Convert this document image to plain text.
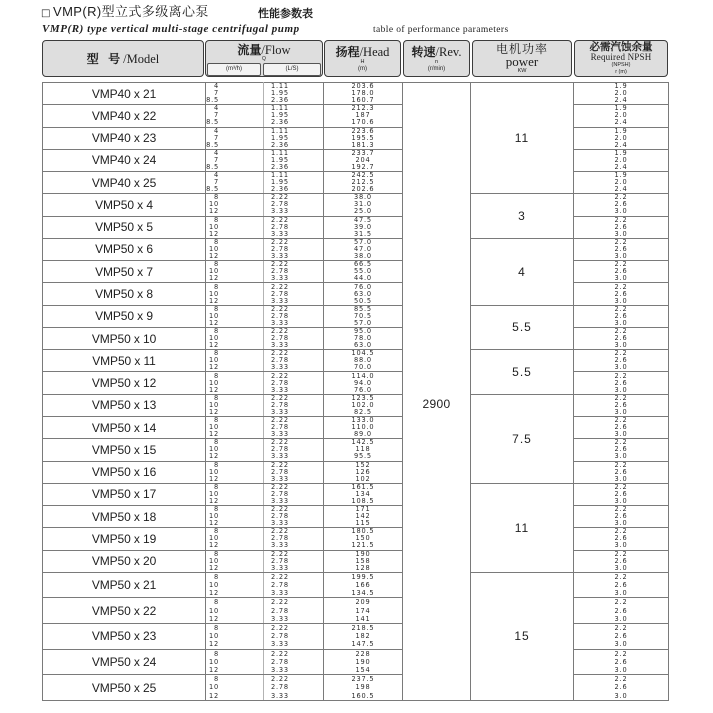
□ VMP(R)型立式多级离心泵	性能参数表
VMP(R) type vertical multi-stage centrifugal pump	table of performance parameters
型 号/Model
流量/Flow
Q
(m³/h)	(L/S)
扬程/Head
H
(m)
转速/Rev.
n
(r/min)
电机功率
power
KW
必需汽蚀余量
Required NPSH
(NPSH)
r (m)
VMP40 x 21	4
7
8.5	1.11
1.95
2.36	203.6
178.0
160.7	2900	11	1.9
2.0
2.4

VMP40 x 22	4
7
8.5	1.11
1.95
2.36	212.3
187
170.6			1.9
2.0
2.4

VMP40 x 23	4
7
8.5	1.11
1.95
2.36	223.6
195.5
181.3			1.9
2.0
2.4

VMP40 x 24	4
7
8.5	1.11
1.95
2.36	233.7
204
192.7			1.9
2.0
2.4

VMP40 x 25	4
7
8.5	1.11
1.95
2.36	242.5
212.5
202.6			1.9
2.0
2.4

VMP50 x 4	8
10
12	2.22
2.78
3.33	38.0
31.0
25.0		3	2.2
2.6
3.0

VMP50 x 5	8
10
12	2.22
2.78
3.33	47.5
39.0
31.5			2.2
2.6
3.0

VMP50 x 6	8
10
12	2.22
2.78
3.33	57.0
47.0
38.0		4	2.2
2.6
3.0

VMP50 x 7	8
10
12	2.22
2.78
3.33	66.5
55.0
44.0			2.2
2.6
3.0

VMP50 x 8	8
10
12	2.22
2.78
3.33	76.0
63.0
50.5			2.2
2.6
3.0

VMP50 x 9	8
10
12	2.22
2.78
3.33	85.5
70.5
57.0		5.5	2.2
2.6
3.0

VMP50 x 10	8
10
12	2.22
2.78
3.33	95.0
78.0
63.0			2.2
2.6
3.0

VMP50 x 11	8
10
12	2.22
2.78
3.33	104.5
88.0
70.0		5.5	2.2
2.6
3.0

VMP50 x 12	8
10
12	2.22
2.78
3.33	114.0
94.0
76.0			2.2
2.6
3.0

VMP50 x 13	8
10
12	2.22
2.78
3.33	123.5
102.0
82.5		7.5	2.2
2.6
3.0

VMP50 x 14	8
10
12	2.22
2.78
3.33	133.0
110.0
89.0			2.2
2.6
3.0

VMP50 x 15	8
10
12	2.22
2.78
3.33	142.5
118
95.5			2.2
2.6
3.0

VMP50 x 16	8
10
12	2.22
2.78
3.33	152
126
102			2.2
2.6
3.0

VMP50 x 17	8
10
12	2.22
2.78
3.33	161.5
134
108.5		11	2.2
2.6
3.0

VMP50 x 18	8
10
12	2.22
2.78
3.33	171
142
115			2.2
2.6
3.0

VMP50 x 19	8
10
12	2.22
2.78
3.33	180.5
150
121.5			2.2
2.6
3.0

VMP50 x 20	8
10
12	2.22
2.78
3.33	190
158
128			2.2
2.6
3.0

VMP50 x 21	8
10
12	2.22
2.78
3.33	199.5
166
134.5		15	2.2
2.6
3.0

VMP50 x 22	8
10
12	2.22
2.78
3.33	209
174
141			2.2
2.6
3.0

VMP50 x 23	8
10
12	2.22
2.78
3.33	218.5
182
147.5			2.2
2.6
3.0

VMP50 x 24	8
10
12	2.22
2.78
3.33	228
190
154			2.2
2.6
3.0

VMP50 x 25	8
10
12	2.22
2.78
3.33	237.5
198
160.5			2.2
2.6
3.0
